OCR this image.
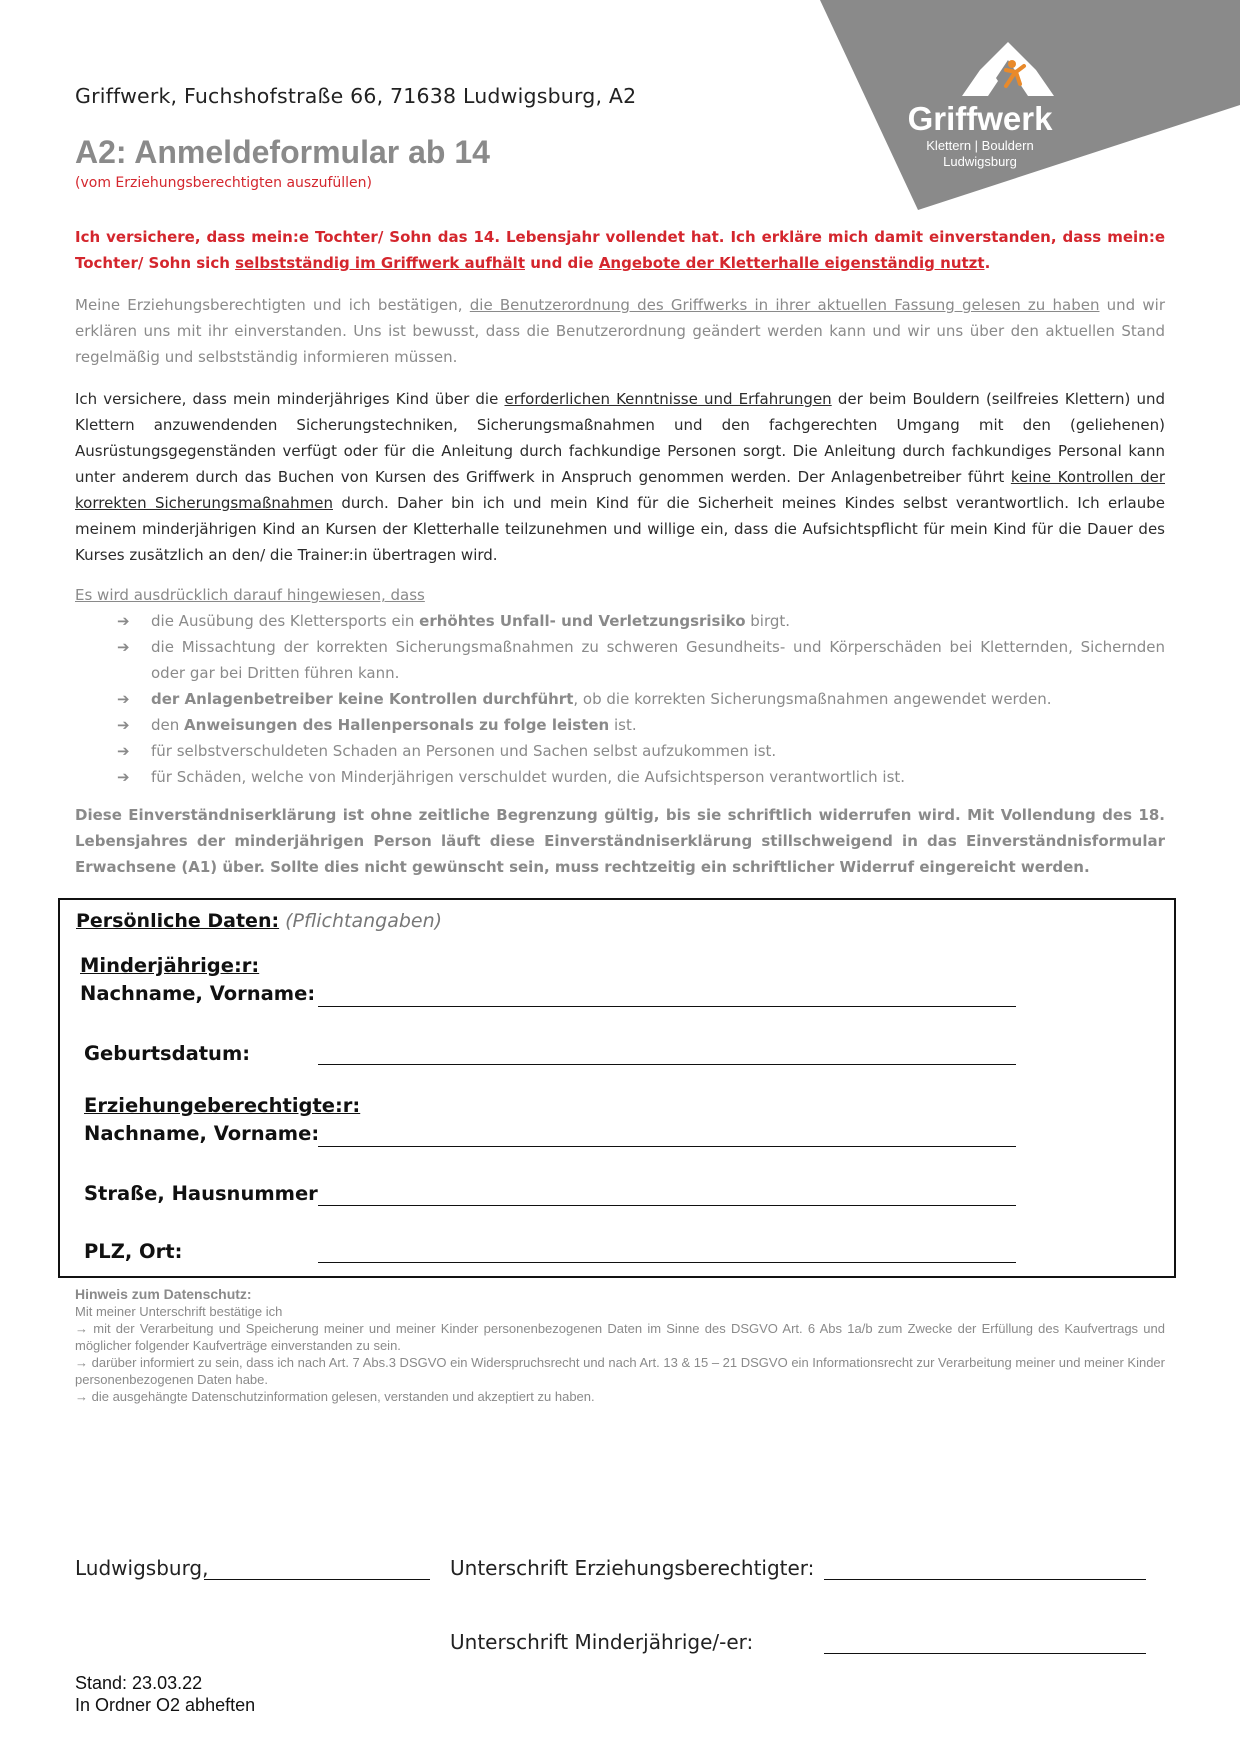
Griffwerk
Klettern | Bouldern
Ludwigsburg
Griffwerk, Fuchshofstraße 66, 71638 Ludwigsburg, A2
A2: Anmeldeformular ab 14
(vom Erziehungsberechtigten auszufüllen)

Ich versichere, dass mein:e Tochter/ Sohn das 14. Lebensjahr vollendet hat. Ich erkläre mich damit einverstanden, dass mein:e Tochter/ Sohn sich selbstständig im Griffwerk aufhält und die Angebote der Kletterhalle eigenständig nutzt.

Meine Erziehungsberechtigten und ich bestätigen, die Benutzerordnung des Griffwerks in ihrer aktuellen Fassung gelesen zu haben und wir erklären uns mit ihr einverstanden. Uns ist bewusst, dass die Benutzerordnung geändert werden kann und wir uns über den aktuellen Stand regelmäßig und selbstständig informieren müssen.

Ich versichere, dass mein minderjähriges Kind über die erforderlichen Kenntnisse und Erfahrungen der beim Bouldern (seilfreies Klettern) und Klettern anzuwendenden Sicherungstechniken, Sicherungsmaßnahmen und den fachgerechten Umgang mit den (geliehenen) Ausrüstungsgegenständen verfügt oder für die Anleitung durch fachkundige Personen sorgt. Die Anleitung durch fachkundiges Personal kann unter anderem durch das Buchen von Kursen des Griffwerk in Anspruch genommen werden. Der Anlagenbetreiber führt keine Kontrollen der korrekten Sicherungsmaßnahmen durch. Daher bin ich und mein Kind für die Sicherheit meines Kindes selbst verantwortlich. Ich erlaube meinem minderjährigen Kind an Kursen der Kletterhalle teilzunehmen und willige ein, dass die Aufsichtspflicht für mein Kind für die Dauer des Kurses zusätzlich an den/ die Trainer:in übertragen wird.

Es wird ausdrücklich darauf hingewiesen, dass

➔ die Ausübung des Klettersports ein erhöhtes Unfall- und Verletzungsrisiko birgt.
➔ die Missachtung der korrekten Sicherungsmaßnahmen zu schweren Gesundheits- und Körperschäden bei Kletternden, Sichernden oder gar bei Dritten führen kann.
➔ der Anlagenbetreiber keine Kontrollen durchführt, ob die korrekten Sicherungsmaßnahmen angewendet werden.
➔ den Anweisungen des Hallenpersonals zu folge leisten ist.
➔ für selbstverschuldeten Schaden an Personen und Sachen selbst aufzukommen ist.
➔ für Schäden, welche von Minderjährigen verschuldet wurden, die Aufsichtsperson verantwortlich ist.

Diese Einverständniserklärung ist ohne zeitliche Begrenzung gültig, bis sie schriftlich widerrufen wird. Mit Vollendung des 18. Lebensjahres der minderjährigen Person läuft diese Einverständniserklärung stillschweigend in das Einverständnisformular Erwachsene (A1) über. Sollte dies nicht gewünscht sein, muss rechtzeitig ein schriftlicher Widerruf eingereicht werden.

Persönliche Daten: (Pflichtangaben)
Minderjährige:r:
Nachname, Vorname:
Geburtsdatum:
Erziehungeberechtigte:r:
Nachname, Vorname:
Straße, Hausnummer
PLZ, Ort:

Hinweis zum Datenschutz:

Mit meiner Unterschrift bestätige ich

→ mit der Verarbeitung und Speicherung meiner und meiner Kinder personenbezogenen Daten im Sinne des DSGVO Art. 6 Abs 1a/b zum Zwecke der Erfüllung des Kaufvertrags und möglicher folgender Kaufverträge einverstanden zu sein.

→ darüber informiert zu sein, dass ich nach Art. 7 Abs.3 DSGVO ein Widerspruchsrecht und nach Art. 13 & 15 – 21 DSGVO ein Informationsrecht zur Verarbeitung meiner und meiner Kinder personenbezogenen Daten habe.

→ die ausgehängte Datenschutzinformation gelesen, verstanden und akzeptiert zu haben.

Ludwigsburg,	Unterschrift Erziehungsberechtigter:
Unterschrift Minderjährige/-er:
Stand: 23.03.22
In Ordner O2 abheften
